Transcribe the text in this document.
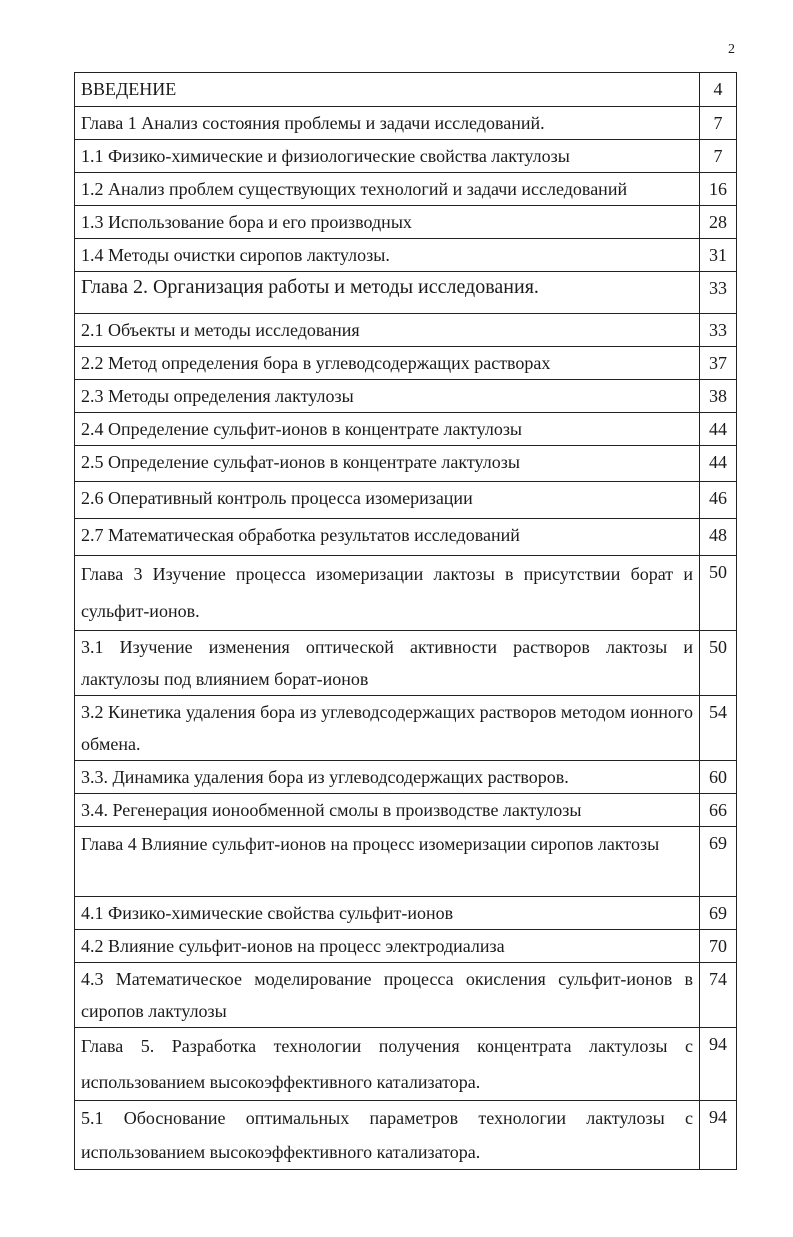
2
ВВЕДЕНИЕ	4
Глава 1 Анализ состояния проблемы и задачи исследований.	7
1.1 Физико-химические и физиологические свойства лактулозы	7
1.2 Анализ проблем существующих технологий и задачи исследований	16
1.3 Использование бора и его производных	28
1.4 Методы очистки сиропов лактулозы.	31
Глава 2. Организация работы и методы исследования.	33
2.1 Объекты и методы исследования	33
2.2 Метод определения бора в углеводсодержащих растворах	37
2.3 Методы определения лактулозы	38
2.4 Определение сульфит-ионов в концентрате лактулозы	44
2.5 Определение сульфат-ионов в концентрате лактулозы	44
2.6 Оперативный контроль процесса изомеризации	46
2.7 Математическая обработка результатов исследований	48
Глава 3 Изучение процесса изомеризации лактозы в присутствии борат и сульфит-ионов.	50
3.1 Изучение изменения оптической активности растворов лактозы и лактулозы под влиянием борат-ионов	50
3.2 Кинетика удаления бора из углеводсодержащих растворов методом ионного обмена.	54
3.3. Динамика удаления бора из углеводсодержащих растворов.	60
3.4. Регенерация ионообменной смолы в производстве лактулозы	66
Глава 4 Влияние сульфит-ионов на процесс изомеризации сиропов лактозы	69
4.1 Физико-химические свойства сульфит-ионов	69
4.2 Влияние сульфит-ионов на процесс электродиализа	70
4.3 Математическое моделирование процесса окисления сульфит-ионов в сиропов лактулозы	74
Глава 5. Разработка технологии получения концентрата лактулозы с использованием высокоэффективного катализатора.	94
5.1 Обоснование оптимальных параметров технологии лактулозы с использованием высокоэффективного катализатора.	94
